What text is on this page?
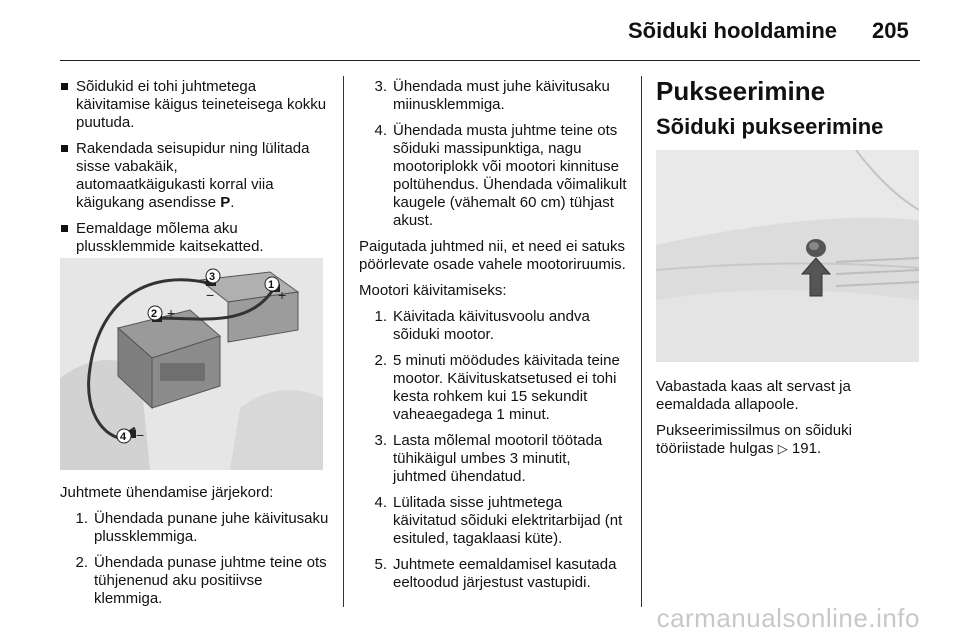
Sõiduki hooldamine 205
Sõidukid ei tohi juhtmetega käivitamise käigus teineteisega kokku puutuda.
Rakendada seisupidur ning lülitada sisse vabakäik,
automaatkäigukasti korral viia käigukang asendisse P.
Eemaldage mõlema aku plussklemmide kaitsekatted.
−	+
+
−
3
1
2
4

Juhtmete ühendamise järjekord:

1. Ühendada punane juhe käivitusaku plussklemmiga.
2. Ühendada punase juhtme teine ots tühjenenud aku positiivse klemmiga.
3. Ühendada must juhe käivitusaku miinusklemmiga.
4. Ühendada musta juhtme teine ots sõiduki massipunktiga, nagu mootoriplokk või mootori kinnituse poltühendus. Ühendada võimalikult kaugele (vähemalt 60 cm) tühjast akust.

Paigutada juhtmed nii, et need ei satuks pöörlevate osade vahele mootoriruumis.

Mootori käivitamiseks:

1. Käivitada käivitusvoolu andva sõiduki mootor.
2. 5 minuti möödudes käivitada teine mootor. Käivituskatsetused ei tohi kesta rohkem kui 15 sekundit vaheaegadega 1 minut.
3. Lasta mõlemal mootoril töötada tühikäigul umbes 3 minutit, juhtmed ühendatud.
4. Lülitada sisse juhtmetega käivitatud sõiduki elektritarbijad (nt esituled, tagaklaasi küte).
5. Juhtmete eemaldamisel kasutada eeltoodud järjestust vastupidi.
Pukseerimine
Sõiduki pukseerimine

Vabastada kaas alt servast ja eemaldada allapoole.

Pukseerimissilmus on sõiduki tööriistade hulgas ▷ 191.

carmanualsonline.info
